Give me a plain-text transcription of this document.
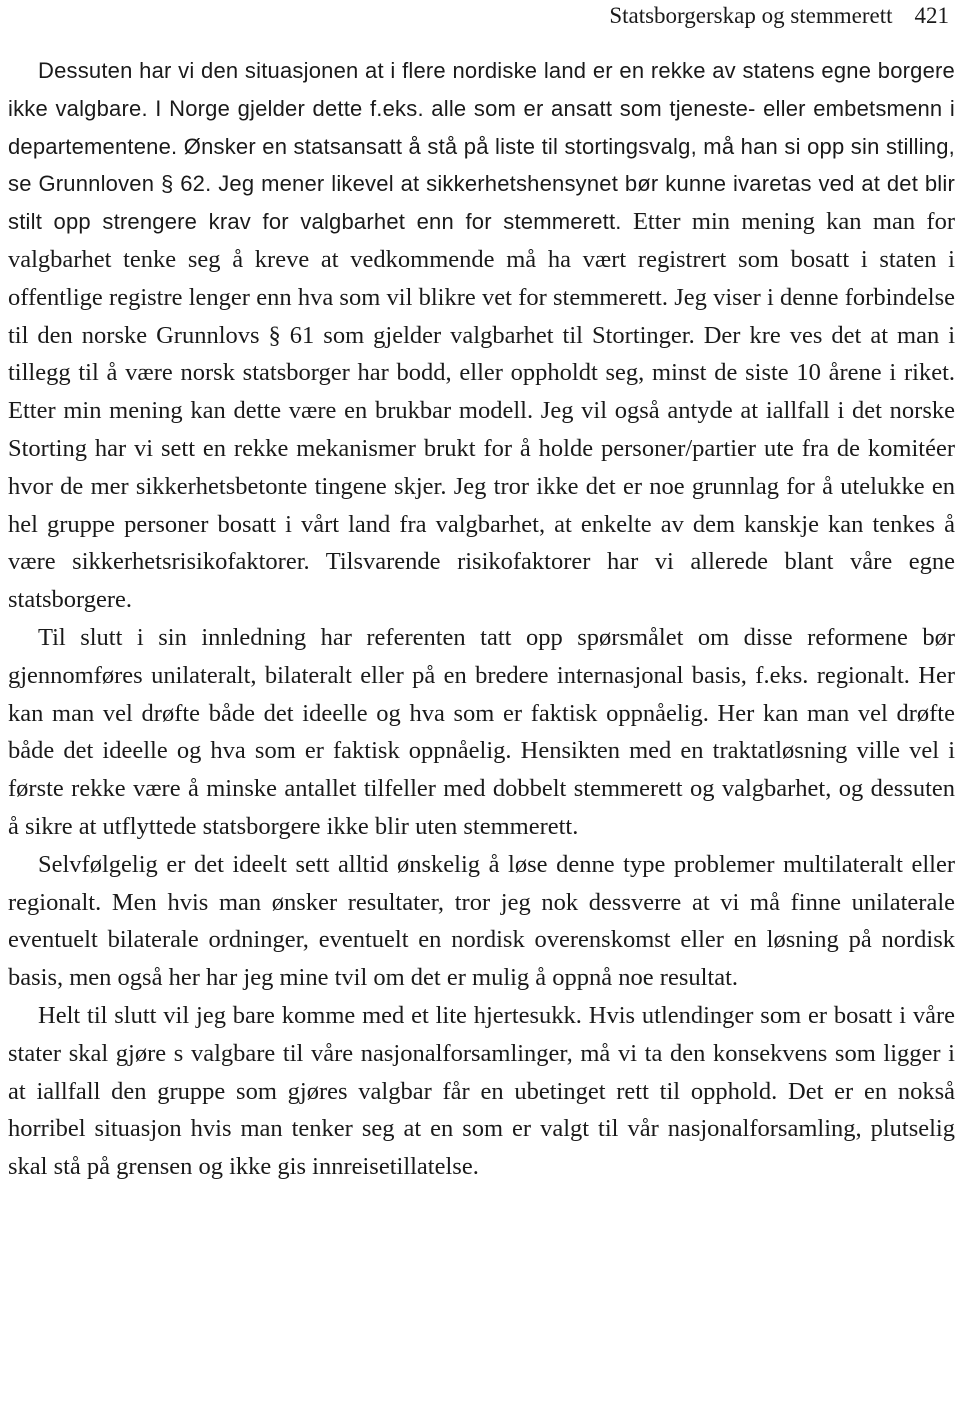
Statsborgerskap og stemmerett 421

Dessuten har vi den situasjonen at i flere nordiske land er en rekke av statens egne borgere ikke valgbare. I Norge gjelder dette f.eks. alle som er ansatt som tjeneste- eller embetsmenn i departementene. Ønsker en statsansatt å stå på liste til stortingsvalg, må han si opp sin stilling, se Grunnloven § 62. Jeg mener likevel at sikkerhetshensynet bør kunne ivaretas ved at det blir stilt opp strengere krav for valgbarhet enn for stemmerett. Etter min mening kan man for valgbarhet tenke seg å kreve at vedkommende må ha vært registrert som bosatt i staten i offentlige registre lenger enn hva som vil blikre vet for stemmerett. Jeg viser i denne forbindelse til den norske Grunnlovs § 61 som gjelder valgbarhet til Stortinger. Der kre ves det at man i tillegg til å være norsk statsborger har bodd, eller oppholdt seg, minst de siste 10 årene i riket. Etter min mening kan dette være en brukbar modell. Jeg vil også antyde at iallfall i det norske Storting har vi sett en rekke mekanismer brukt for å holde personer/partier ute fra de komitéer hvor de mer sikkerhetsbetonte tingene skjer. Jeg tror ikke det er noe grunnlag for å utelukke en hel gruppe personer bosatt i vårt land fra valgbarhet, at enkelte av dem kanskje kan tenkes å være sikkerhetsrisikofaktorer. Tilsvarende risikofaktorer har vi allerede blant våre egne statsborgere.

Til slutt i sin innledning har referenten tatt opp spørsmålet om disse reformene bør gjennomføres unilateralt, bilateralt eller på en bredere internasjonal basis, f.eks. regionalt. Her kan man vel drøfte både det ideelle og hva som er faktisk oppnåelig. Her kan man vel drøfte både det ideelle og hva som er faktisk oppnåelig. Hensikten med en traktatløsning ville vel i første rekke være å minske antallet tilfeller med dobbelt stemmerett og valgbarhet, og dessuten å sikre at utflyttede statsborgere ikke blir uten stemmerett.

Selvfølgelig er det ideelt sett alltid ønskelig å løse denne type problemer multilateralt eller regionalt. Men hvis man ønsker resultater, tror jeg nok dessverre at vi må finne unilaterale eventuelt bilaterale ordninger, eventuelt en nordisk overenskomst eller en løsning på nordisk basis, men også her har jeg mine tvil om det er mulig å oppnå noe resultat.

Helt til slutt vil jeg bare komme med et lite hjertesukk. Hvis utlendinger som er bosatt i våre stater skal gjøre s valgbare til våre nasjonalforsamlinger, må vi ta den konsekvens som ligger i at iallfall den gruppe som gjøres valgbar får en ubetinget rett til opphold. Det er en nokså horribel situasjon hvis man tenker seg at en som er valgt til vår nasjonalforsamling, plutselig skal stå på grensen og ikke gis innreisetillatelse.
